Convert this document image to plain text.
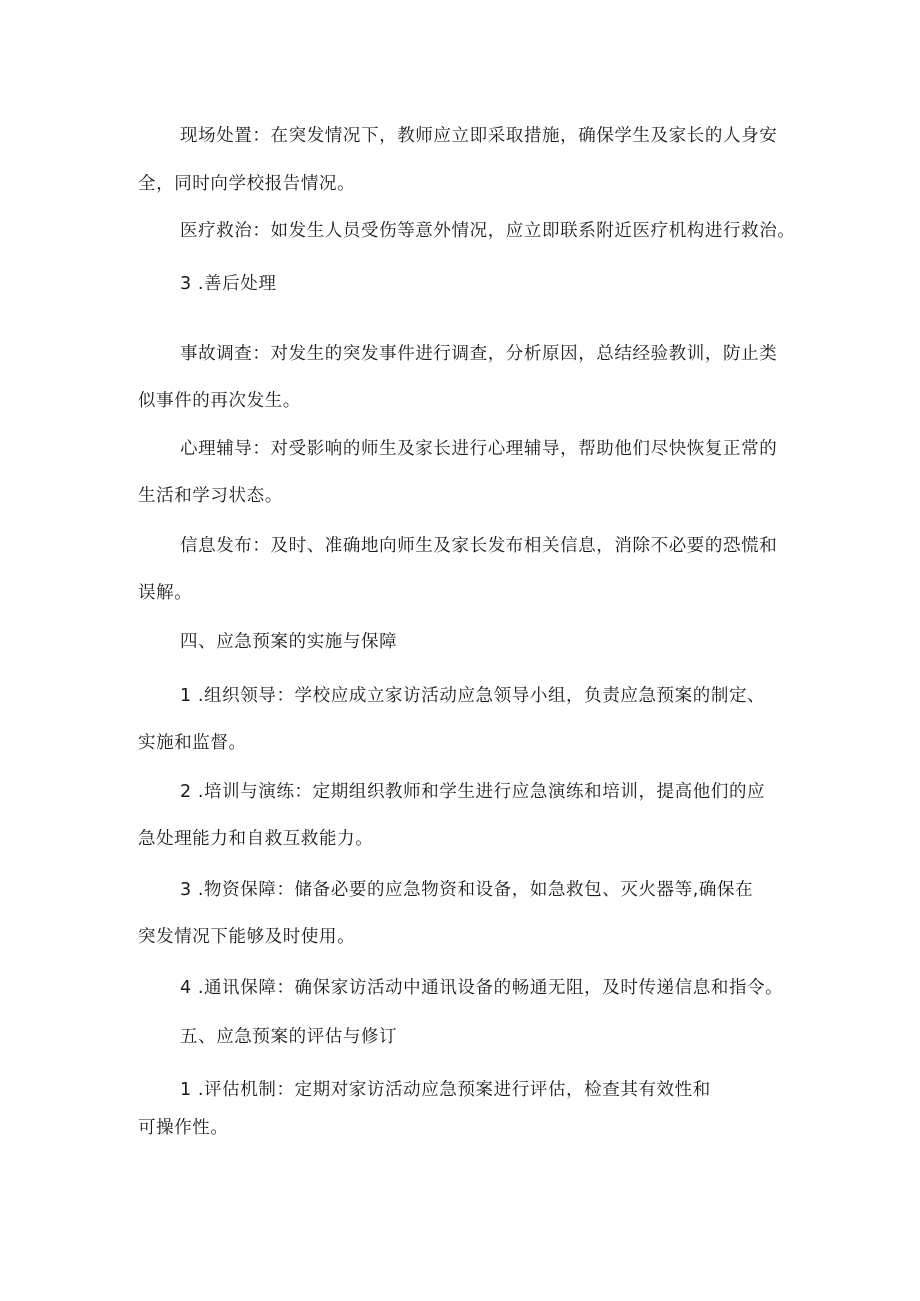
现场处置：在突发情况下，教师应立即采取措施，确保学生及家长的人身安
全，同时向学校报告情况。
医疗救治：如发生人员受伤等意外情况，应立即联系附近医疗机构进行救治。
3 .善后处理
事故调查：对发生的突发事件进行调查，分析原因，总结经验教训，防止类
似事件的再次发生。
心理辅导：对受影响的师生及家长进行心理辅导，帮助他们尽快恢复正常的
生活和学习状态。
信息发布：及时、准确地向师生及家长发布相关信息，消除不必要的恐慌和
误解。
四、应急预案的实施与保障
1 .组织领导：学校应成立家访活动应急领导小组，负责应急预案的制定、
实施和监督。
2 .培训与演练：定期组织教师和学生进行应急演练和培训，提高他们的应
急处理能力和自救互救能力。
3 .物资保障：储备必要的应急物资和设备，如急救包、灭火器等,确保在
突发情况下能够及时使用。
4 .通讯保障：确保家访活动中通讯设备的畅通无阻，及时传递信息和指令。
五、应急预案的评估与修订
1 .评估机制：定期对家访活动应急预案进行评估，检查其有效性和
可操作性。
